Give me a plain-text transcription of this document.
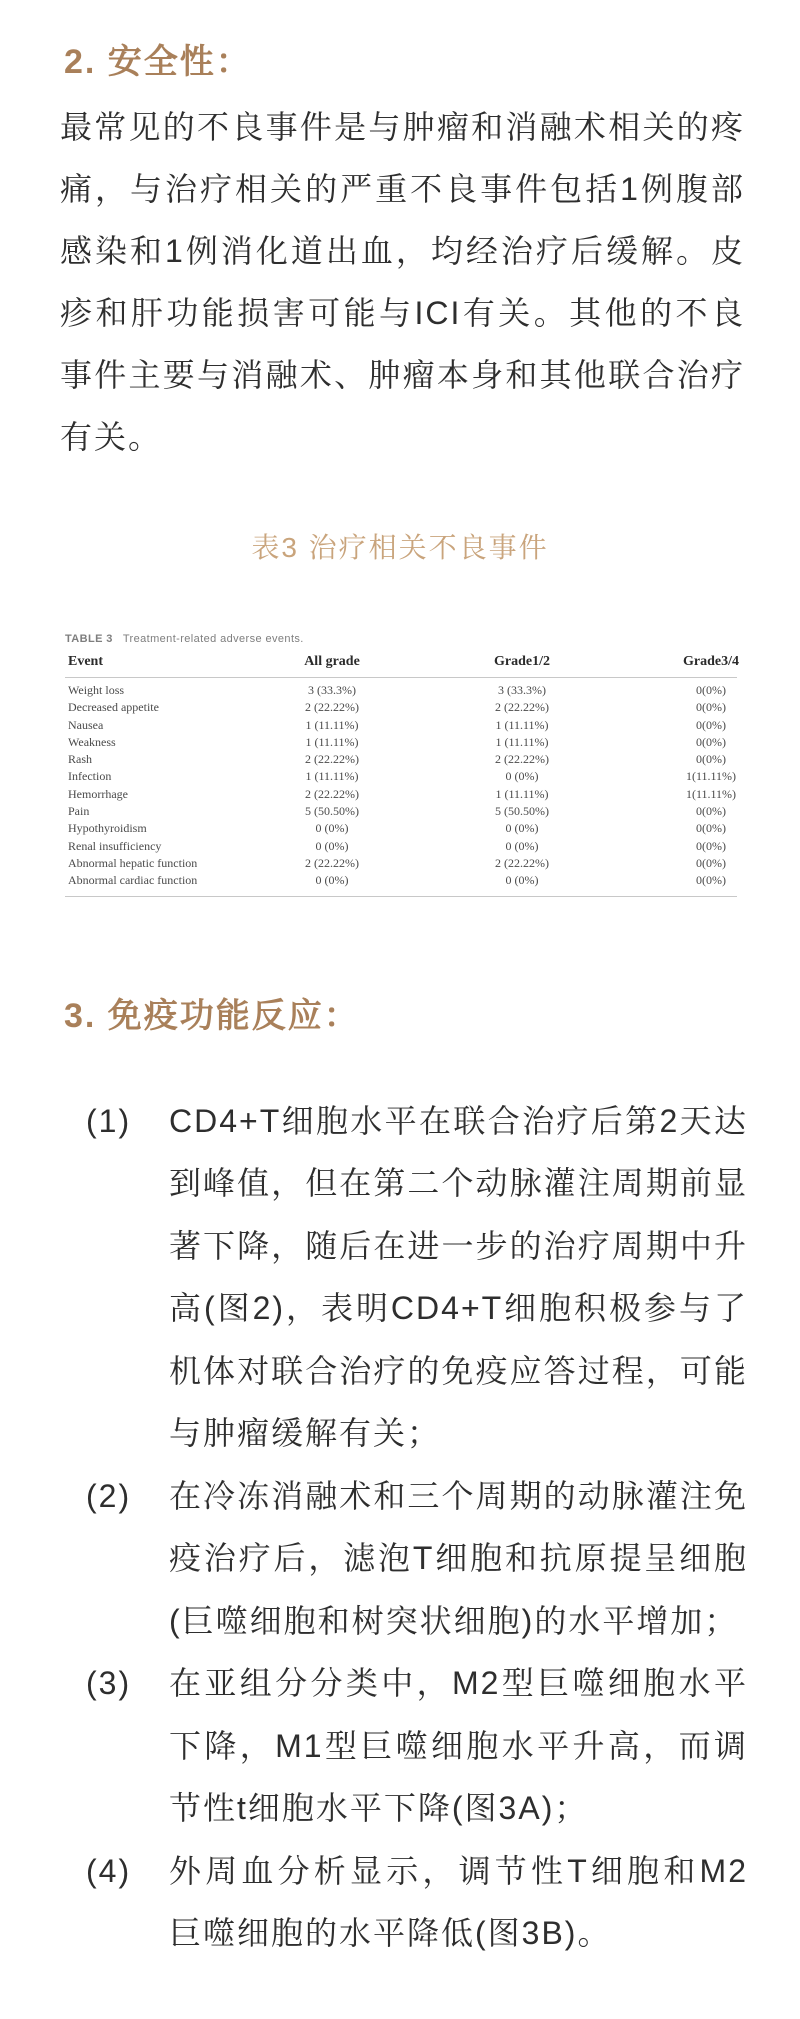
2. 安全性：

最常见的不良事件是与肿瘤和消融术相关的疼痛，与治疗相关的严重不良事件包括1例腹部感染和1例消化道出血，均经治疗后缓解。皮疹和肝功能损害可能与ICI有关。其他的不良事件主要与消融术、肿瘤本身和其他联合治疗有关。

表3 治疗相关不良事件
TABLE 3 Treatment-related adverse events.
Event	All grade	Grade1/2	Grade3/4
Weight loss	3 (33.3%)	3 (33.3%)	0(0%)
Decreased appetite	2 (22.22%)	2 (22.22%)	0(0%)
Nausea	1 (11.11%)	1 (11.11%)	0(0%)
Weakness	1 (11.11%)	1 (11.11%)	0(0%)
Rash	2 (22.22%)	2 (22.22%)	0(0%)
Infection	1 (11.11%)	0 (0%)	1(11.11%)
Hemorrhage	2 (22.22%)	1 (11.11%)	1(11.11%)
Pain	5 (50.50%)	5 (50.50%)	0(0%)
Hypothyroidism	0 (0%)	0 (0%)	0(0%)
Renal insufficiency	0 (0%)	0 (0%)	0(0%)
Abnormal hepatic function	2 (22.22%)	2 (22.22%)	0(0%)
Abnormal cardiac function	0 (0%)	0 (0%)	0(0%)
3. 免疫功能反应：
(1)	CD4+T细胞水平在联合治疗后第2天达到峰值，但在第二个动脉灌注周期前显著下降，随后在进一步的治疗周期中升高(图2)，表明CD4+T细胞积极参与了机体对联合治疗的免疫应答过程，可能与肿瘤缓解有关；
(2)	在冷冻消融术和三个周期的动脉灌注免疫治疗后，滤泡T细胞和抗原提呈细胞(巨噬细胞和树突状细胞)的水平增加；
(3)	在亚组分分类中，M2型巨噬细胞水平下降，M1型巨噬细胞水平升高，而调节性t细胞水平下降(图3A)；
(4)	外周血分析显示，调节性T细胞和M2巨噬细胞的水平降低(图3B)。
